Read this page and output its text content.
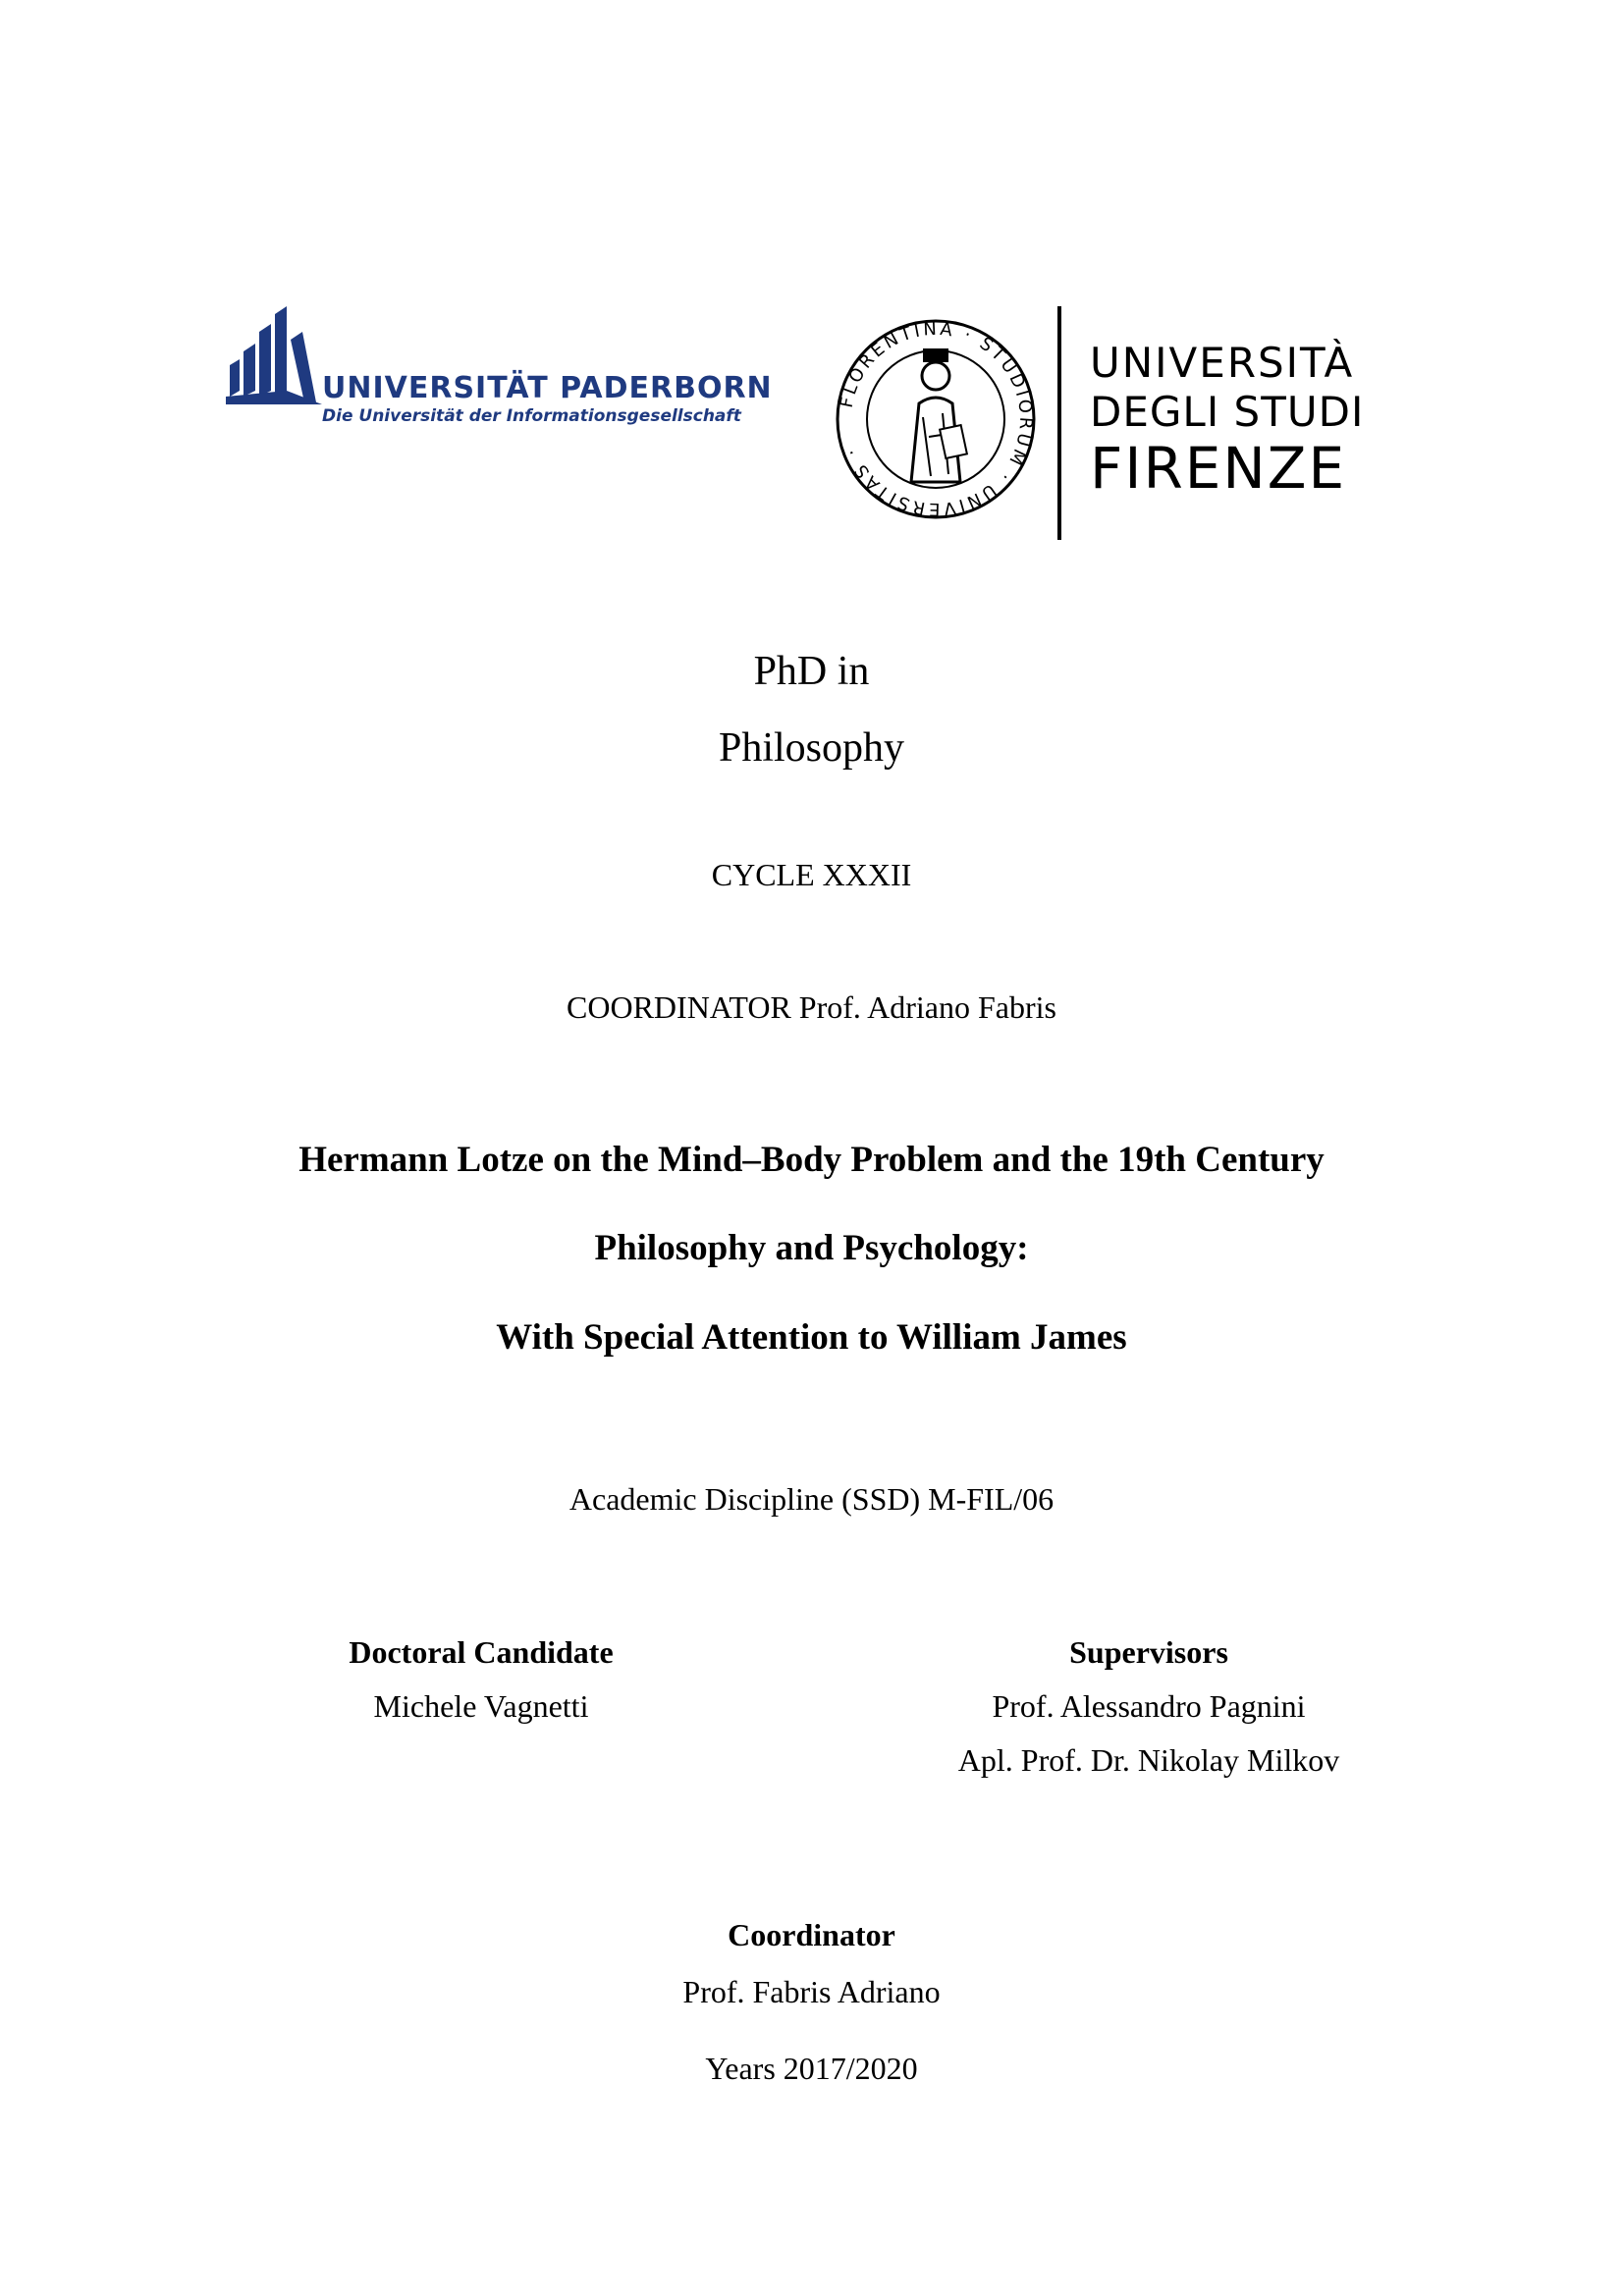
UNIVERSITÄT PADERBORN
Die Universität der Informationsgesellschaft
FLORENTINA · STUDIORUM · UNIVERSITAS ·
UNIVERSITÀ
DEGLI STUDI
FIRENZE
PhD in
Philosophy
CYCLE XXXII
COORDINATOR Prof. Adriano Fabris
Hermann Lotze on the Mind–Body Problem and the 19th Century
Philosophy and Psychology:
With Special Attention to William James
Academic Discipline (SSD) M-FIL/06
Doctoral Candidate
Michele Vagnetti
Supervisors
Prof. Alessandro Pagnini
Apl. Prof. Dr. Nikolay Milkov
Coordinator
Prof. Fabris Adriano
Years 2017/2020
